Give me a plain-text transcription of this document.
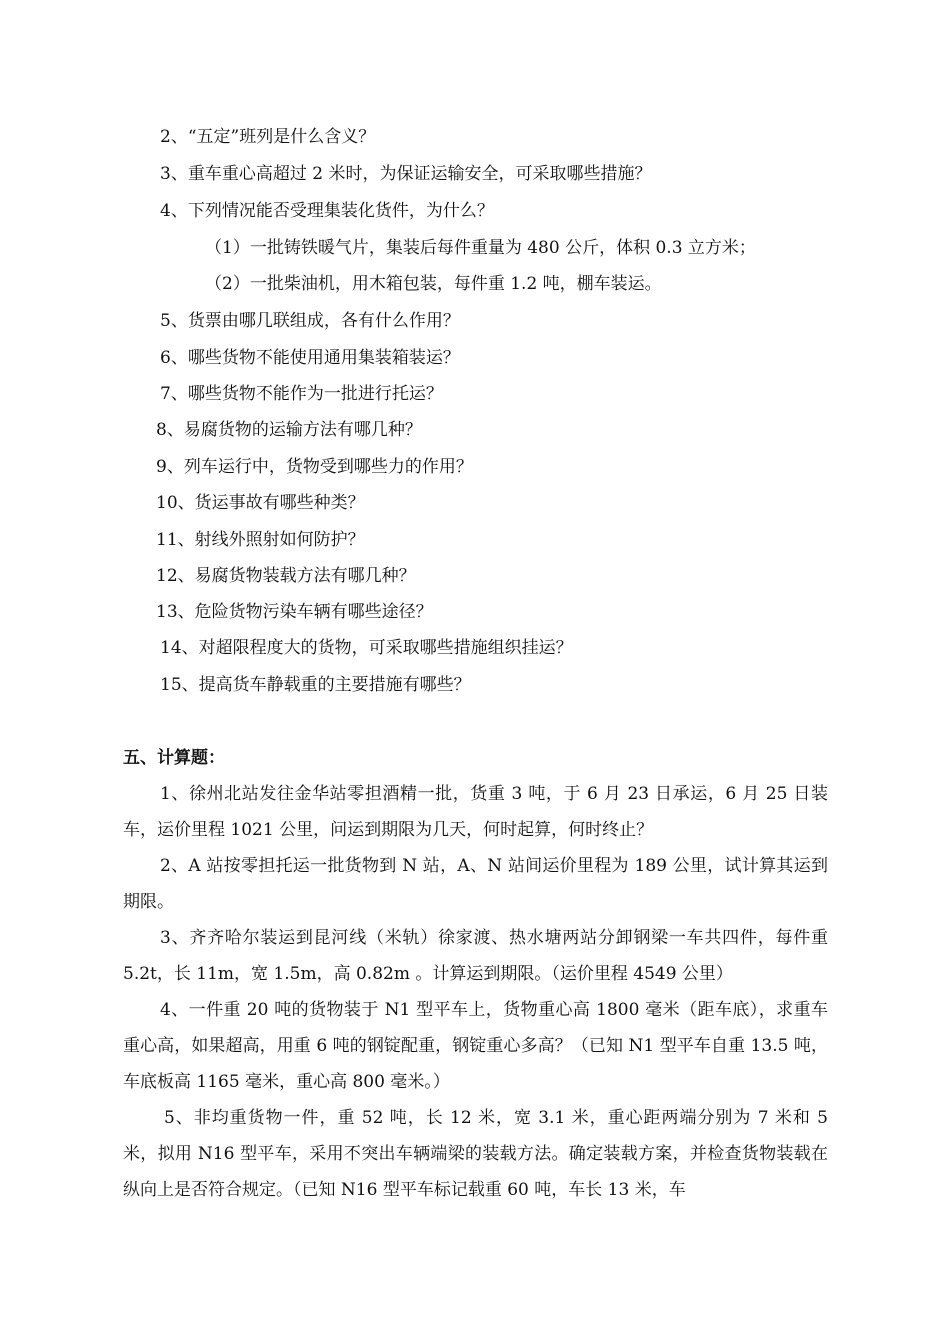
2、“五定”班列是什么含义？
3、重车重心高超过 2 米时，为保证运输安全，可采取哪些措施？
4、下列情况能否受理集装化货件，为什么？
（1）一批铸铁暖气片，集装后每件重量为 480 公斤，体积 0.3 立方米；
（2）一批柴油机，用木箱包装，每件重 1.2 吨，棚车装运。
5、货票由哪几联组成，各有什么作用？
6、哪些货物不能使用通用集装箱装运？
7、哪些货物不能作为一批进行托运？
8、易腐货物的运输方法有哪几种？
9、列车运行中，货物受到哪些力的作用？
10、货运事故有哪些种类？
11、射线外照射如何防护？
12、易腐货物装载方法有哪几种？
13、危险货物污染车辆有哪些途径？
14、对超限程度大的货物，可采取哪些措施组织挂运？
15、提高货车静载重的主要措施有哪些？
五、计算题：
1、徐州北站发往金华站零担酒精一批，货重 3 吨，于 6 月 23 日承运，6 月 25 日装车，运价里程 1021 公里，问运到期限为几天，何时起算，何时终止？
2、A 站按零担托运一批货物到 N 站，A、N 站间运价里程为 189 公里，试计算其运到期限。
3、齐齐哈尔装运到昆河线（米轨）徐家渡、热水塘两站分卸钢梁一车共四件，每件重 5.2t，长 11m，宽 1.5m，高 0.82m 。计算运到期限。（运价里程 4549 公里）
4、一件重 20 吨的货物装于 N1 型平车上，货物重心高 1800 毫米（距车底），求重车重心高，如果超高，用重 6 吨的钢锭配重，钢锭重心多高？（已知 N1 型平车自重 13.5 吨，车底板高 1165 毫米，重心高 800 毫米。）
5、非均重货物一件，重 52 吨，长 12 米，宽 3.1 米，重心距两端分别为 7 米和 5 米，拟用 N16 型平车，采用不突出车辆端梁的装载方法。确定装载方案，并检查货物装载在纵向上是否符合规定。（已知 N16 型平车标记载重 60 吨，车长 13 米，车
